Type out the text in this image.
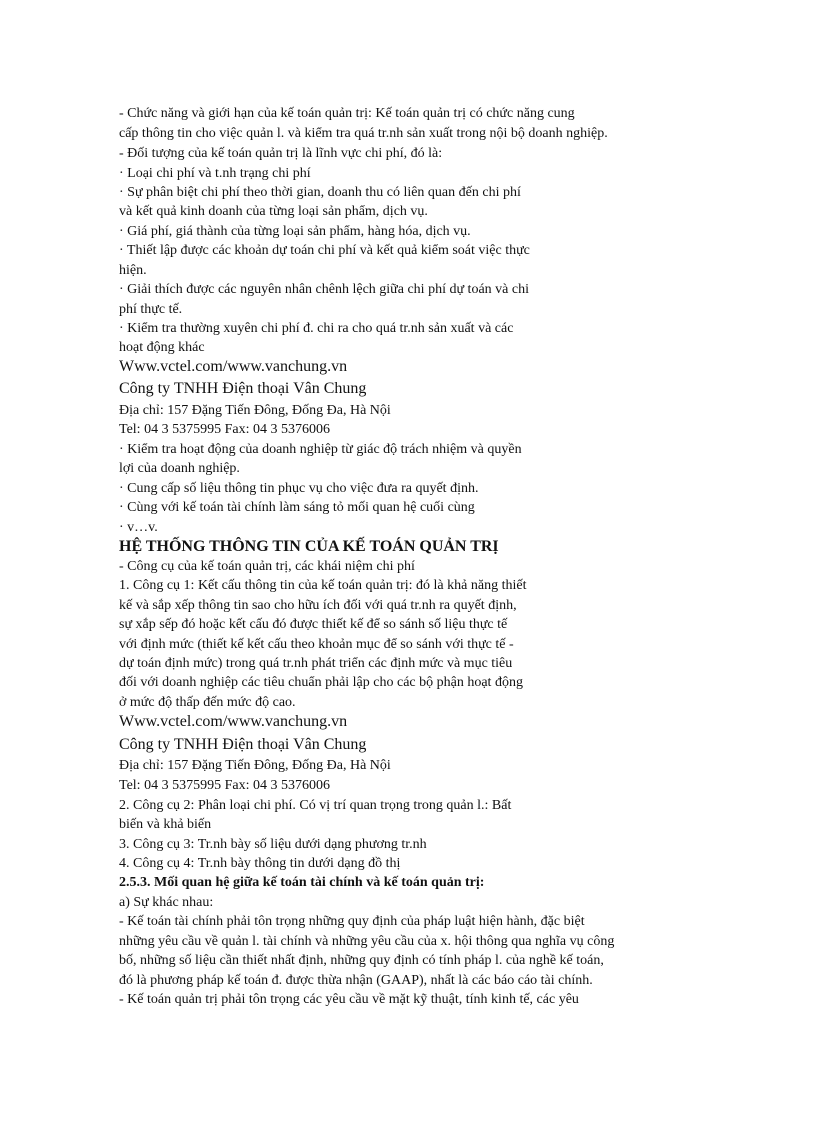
- Chức năng và giới hạn của kế toán quản trị: Kế toán quản trị có chức năng cung
cấp thông tin cho việc quản l. và kiểm tra quá tr.nh sản xuất trong nội bộ doanh nghiệp.
- Đối tượng của kế toán quản trị là lĩnh vực chi phí, đó là:
· Loại chi phí và t.nh trạng chi phí
· Sự phân biệt chi phí theo thời gian, doanh thu có liên quan đến chi phí
và kết quả kinh doanh của từng loại sản phẩm, dịch vụ.
· Giá phí, giá thành của từng loại sản phẩm, hàng hóa, dịch vụ.
· Thiết lập được các khoản dự toán chi phí và kết quả kiểm soát việc thực
hiện.
· Giải thích được các nguyên nhân chênh lệch giữa chi phí dự toán và chi
phí thực tế.
· Kiểm tra thường xuyên chi phí đ. chi ra cho quá tr.nh sản xuất và các
hoạt động khác
Www.vctel.com/www.vanchung.vn
Công ty TNHH Điện thoại Vân Chung
Địa chỉ: 157 Đặng Tiến Đông, Đống Đa, Hà Nội
Tel: 04 3 5375995 Fax: 04 3 5376006
· Kiểm tra hoạt động của doanh nghiệp từ giác độ trách nhiệm và quyền
lợi của doanh nghiệp.
· Cung cấp số liệu thông tin phục vụ cho việc đưa ra quyết định.
· Cùng với kế toán tài chính làm sáng tỏ mối quan hệ cuối cùng
· v…v.
HỆ THỐNG THÔNG TIN CỦA KẾ TOÁN QUẢN TRỊ
- Công cụ của kế toán quản trị, các khái niệm chi phí
1. Công cụ 1: Kết cấu thông tin của kế toán quản trị: đó là khả năng thiết
kế và sắp xếp thông tin sao cho hữu ích đối với quá tr.nh ra quyết định,
sự xắp sếp đó hoặc kết cấu đó được thiết kế để so sánh số liệu thực tế
với định mức (thiết kế kết cấu theo khoản mục để so sánh với thực tế -
dự toán định mức) trong quá tr.nh phát triển các định mức và mục tiêu
đối với doanh nghiệp các tiêu chuẩn phải lập cho các bộ phận hoạt động
ở mức độ thấp đến mức độ cao.
Www.vctel.com/www.vanchung.vn
Công ty TNHH Điện thoại Vân Chung
Địa chỉ: 157 Đặng Tiến Đông, Đống Đa, Hà Nội
Tel: 04 3 5375995 Fax: 04 3 5376006
2. Công cụ 2: Phân loại chi phí. Có vị trí quan trọng trong quản l.: Bất
biến và khả biến
3. Công cụ 3: Tr.nh bày số liệu dưới dạng phương tr.nh
4. Công cụ 4: Tr.nh bày thông tin dưới dạng đồ thị
2.5.3. Mối quan hệ giữa kế toán tài chính và kế toán quản trị:
a) Sự khác nhau:
- Kế toán tài chính phải tôn trọng những quy định của pháp luật hiện hành, đặc biệt
những yêu cầu về quản l. tài chính và những yêu cầu của x. hội thông qua nghĩa vụ công
bố, những số liệu cần thiết nhất định, những quy định có tính pháp l. của nghề kế toán,
đó là phương pháp kế toán đ. được thừa nhận (GAAP), nhất là các báo cáo tài chính.
- Kế toán quản trị phải tôn trọng các yêu cầu về mặt kỹ thuật, tính kinh tế, các yêu
